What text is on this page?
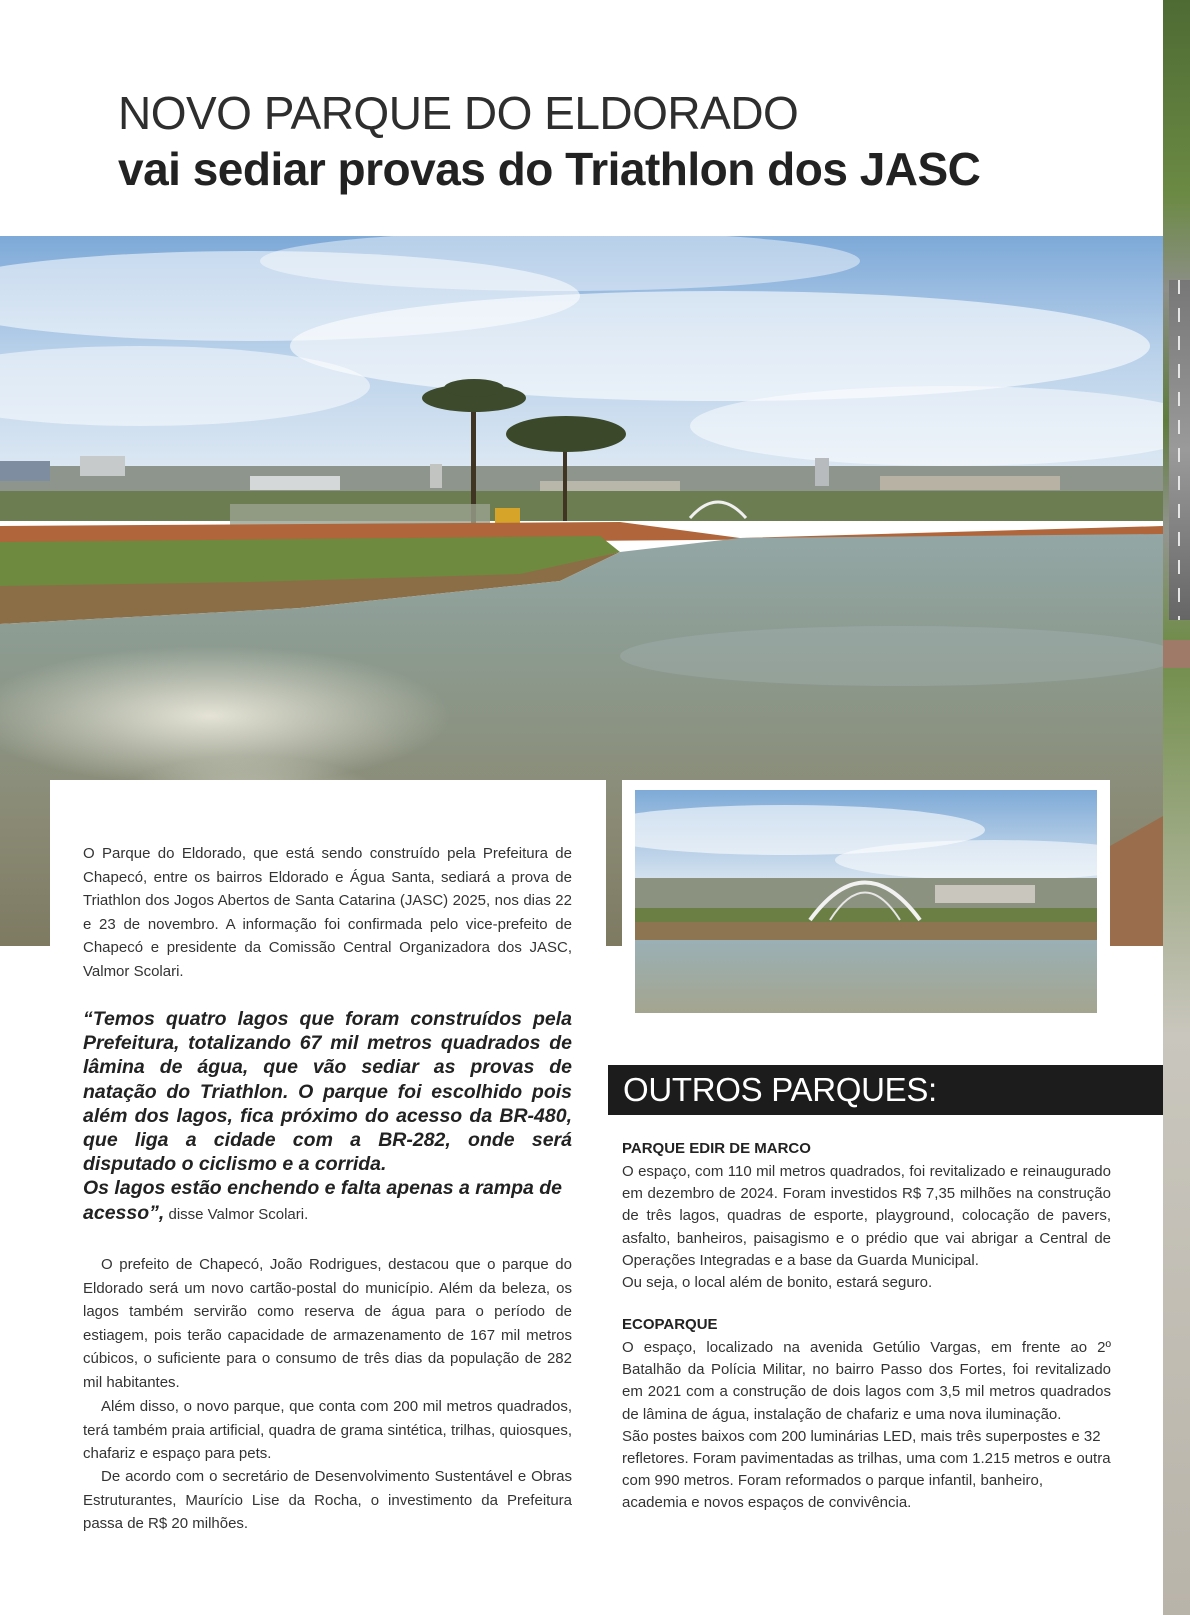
NOVO PARQUE DO ELDORADO
vai sediar provas do Triathlon dos JASC

O Parque do Eldorado, que está sendo construído pela Prefeitura de Chapecó, entre os bairros Eldorado e Água Santa, sediará a prova de Triathlon dos Jogos Abertos de Santa Catarina (JASC) 2025, nos dias 22 e 23 de novembro. A informação foi confirmada pelo vice-prefeito de Chapecó e presidente da Comissão Central Organizadora dos JASC, Valmor Scolari.

“Temos quatro lagos que foram construídos pela Prefeitura, totalizando 67 mil metros quadrados de lâmina de água, que vão sediar as provas de natação do Triathlon. O parque foi escolhido pois além dos lagos, fica próximo do acesso da BR-480, que liga a cidade com a BR-282, onde será disputado o ciclismo e a corrida.
Os lagos estão enchendo e falta apenas a rampa de acesso”, disse Valmor Scolari.

O prefeito de Chapecó, João Rodrigues, destacou que o parque do Eldorado será um novo cartão-postal do município. Além da beleza, os lagos também servirão como reserva de água para o período de estiagem, pois terão capacidade de armazenamento de 167 mil metros cúbicos, o suficiente para o consumo de três dias da população de 282 mil habitantes.

Além disso, o novo parque, que conta com 200 mil metros quadrados, terá também praia artificial, quadra de grama sintética, trilhas, quiosques, chafariz e espaço para pets.

De acordo com o secretário de Desenvolvimento Sustentável e Obras Estruturantes, Maurício Lise da Rocha, o investimento da Prefeitura passa de R$ 20 milhões.

OUTROS PARQUES:
PARQUE EDIR DE MARCO

O espaço, com 110 mil metros quadrados, foi revitalizado e reinaugurado em dezembro de 2024. Foram investidos R$ 7,35 milhões na construção de três lagos, quadras de esporte, playground, colocação de pavers, asfalto, banheiros, paisagismo e o prédio que vai abrigar a Central de Operações Integradas e a base da Guarda Municipal.
Ou seja, o local além de bonito, estará seguro.

ECOPARQUE

O espaço, localizado na avenida Getúlio Vargas, em frente ao 2º Batalhão da Polícia Militar, no bairro Passo dos Fortes, foi revitalizado em 2021 com a construção de dois lagos com 3,5 mil metros quadrados de lâmina de água, instalação de chafariz e uma nova iluminação.
São postes baixos com 200 luminárias LED, mais três superpostes e 32 refletores. Foram pavimentadas as trilhas, uma com 1.215 metros e outra com 990 metros. Foram reformados o parque infantil, banheiro, academia e novos espaços de convivência.
